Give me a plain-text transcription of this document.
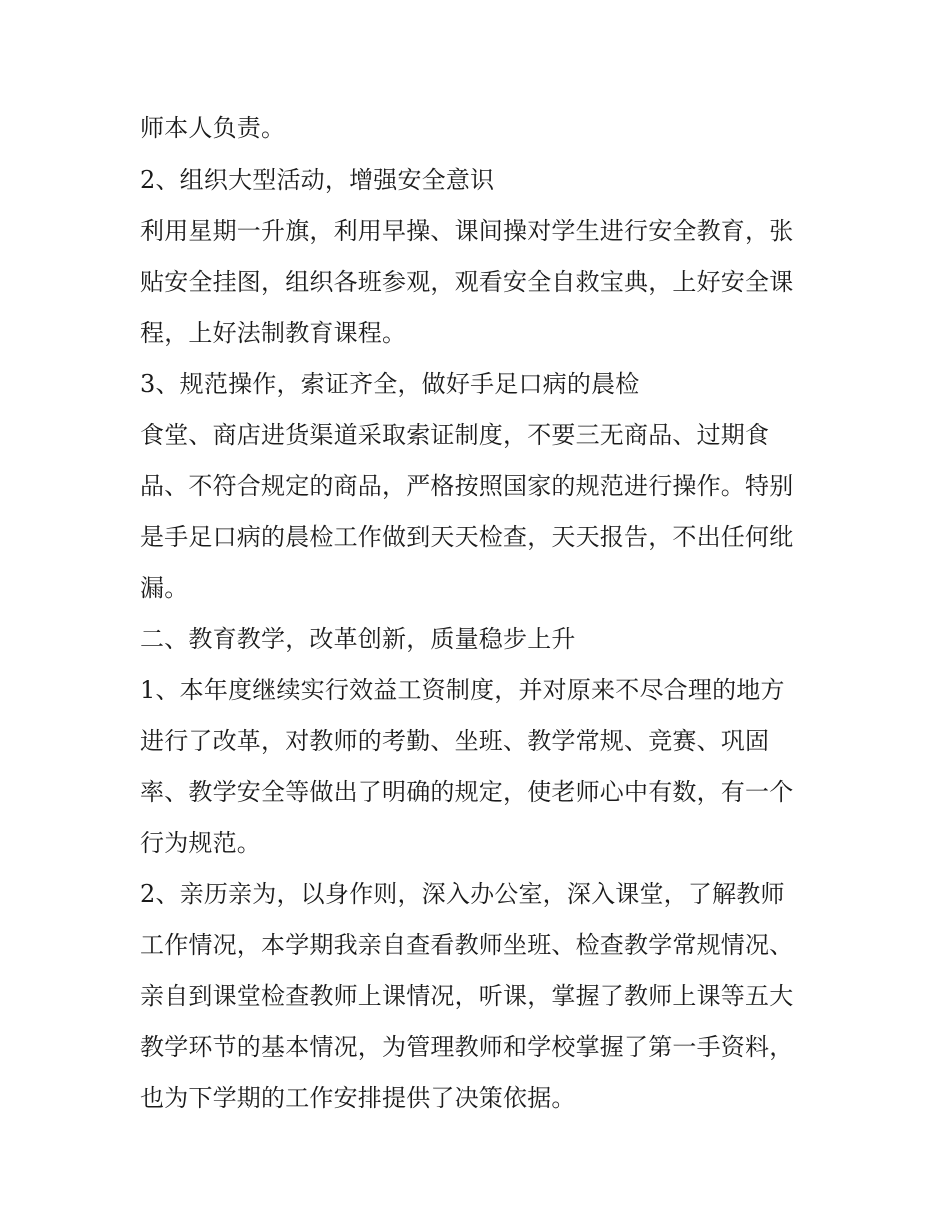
师本人负责。
2、组织大型活动，增强安全意识
利用星期一升旗，利用早操、课间操对学生进行安全教育，张
贴安全挂图，组织各班参观，观看安全自救宝典，上好安全课
程，上好法制教育课程。
3、规范操作，索证齐全，做好手足口病的晨检
食堂、商店进货渠道采取索证制度，不要三无商品、过期食
品、不符合规定的商品，严格按照国家的规范进行操作。特别
是手足口病的晨检工作做到天天检查，天天报告，不出任何纰
漏。
二、教育教学，改革创新，质量稳步上升
1、本年度继续实行效益工资制度，并对原来不尽合理的地方
进行了改革，对教师的考勤、坐班、教学常规、竞赛、巩固
率、教学安全等做出了明确的规定，使老师心中有数，有一个
行为规范。
2、亲历亲为，以身作则，深入办公室，深入课堂，了解教师
工作情况，本学期我亲自查看教师坐班、检查教学常规情况、
亲自到课堂检查教师上课情况，听课，掌握了教师上课等五大
教学环节的基本情况，为管理教师和学校掌握了第一手资料，
也为下学期的工作安排提供了决策依据。
